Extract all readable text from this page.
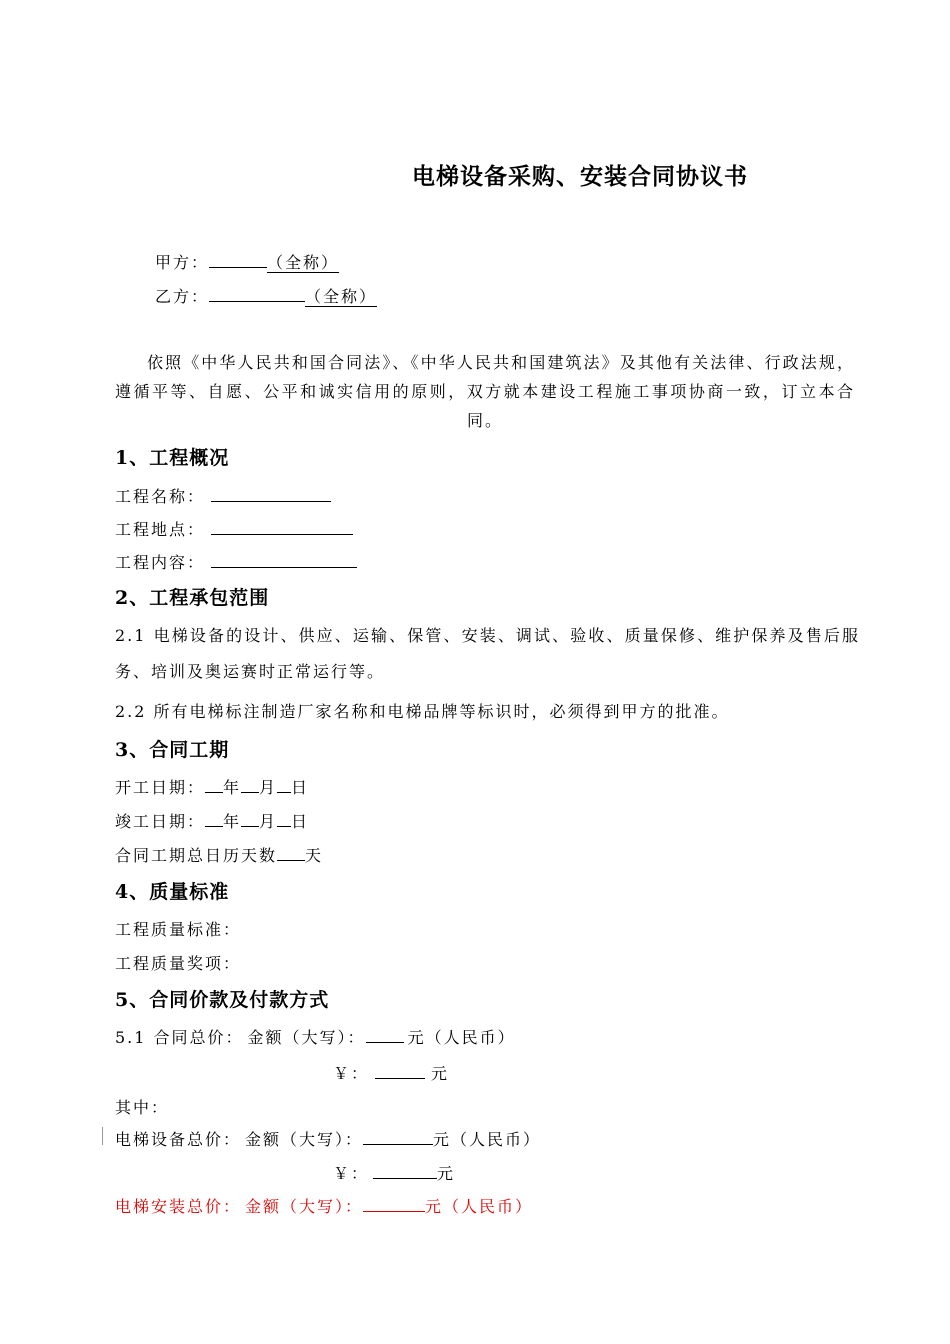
电梯设备采购、安装合同协议书
甲方：	（全称）
乙方：	（全称）
依照《中华人民共和国合同法》、《中华人民共和国建筑法》及其他有关法律、行政法规，遵循平等、自愿、公平和诚实信用的原则，双方就本建设工程施工事项协商一致，订立本合同。
1、工程概况
工程名称：
工程地点：
工程内容：
2、工程承包范围
2.1 电梯设备的设计、供应、运输、保管、安装、调试、验收、质量保修、维护保养及售后服务、培训及奥运赛时正常运行等。
2.2 所有电梯标注制造厂家名称和电梯品牌等标识时，必须得到甲方的批准。
3、合同工期
开工日期： 年 月 日
竣工日期： 年 月 日
合同工期总日历天数 天
4、质量标准
工程质量标准：
工程质量奖项：
5、合同价款及付款方式
5.1 合同总价： 金额（大写）：	元（人民币）
￥：	元
其中：
电梯设备总价： 金额（大写）：	元（人民币）
￥：	元
电梯安装总价： 金额（大写）：	元（人民币）
